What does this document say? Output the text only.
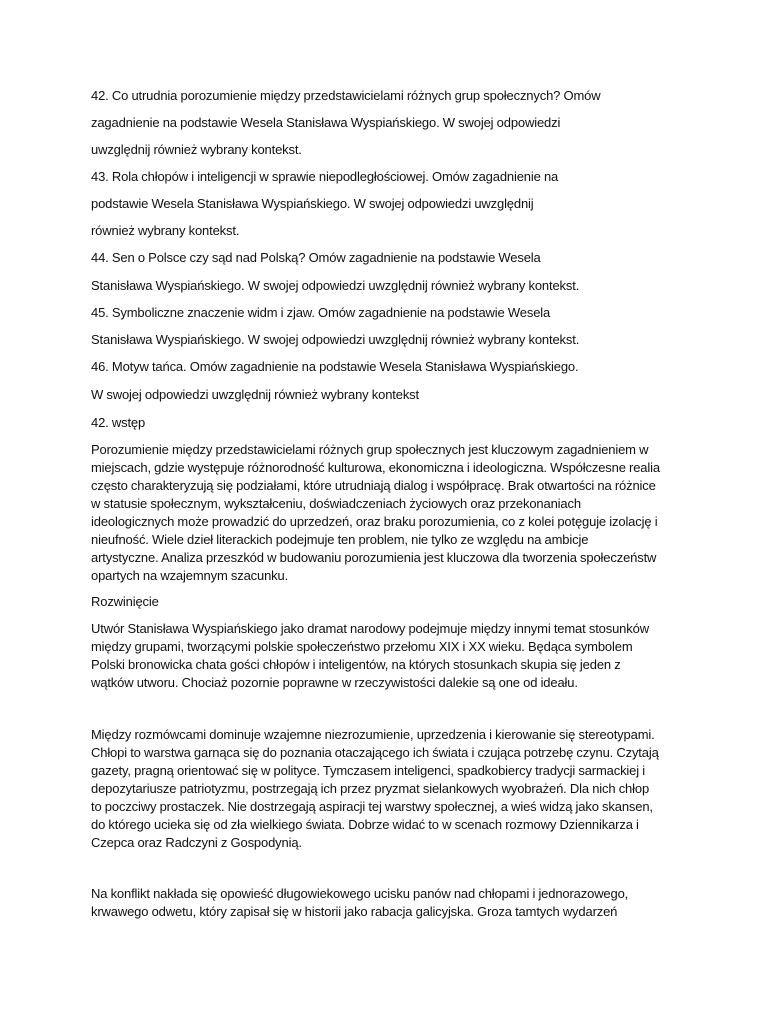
42. Co utrudnia porozumienie między przedstawicielami różnych grup społecznych? Omów
zagadnienie na podstawie Wesela Stanisława Wyspiańskiego. W swojej odpowiedzi
uwzględnij również wybrany kontekst.
43. Rola chłopów i inteligencji w sprawie niepodległościowej. Omów zagadnienie na
podstawie Wesela Stanisława Wyspiańskiego. W swojej odpowiedzi uwzględnij
również wybrany kontekst.
44. Sen o Polsce czy sąd nad Polską? Omów zagadnienie na podstawie Wesela
Stanisława Wyspiańskiego. W swojej odpowiedzi uwzględnij również wybrany kontekst.
45. Symboliczne znaczenie widm i zjaw. Omów zagadnienie na podstawie Wesela
Stanisława Wyspiańskiego. W swojej odpowiedzi uwzględnij również wybrany kontekst.
46. Motyw tańca. Omów zagadnienie na podstawie Wesela Stanisława Wyspiańskiego.
W swojej odpowiedzi uwzględnij również wybrany kontekst
42. wstęp
Porozumienie między przedstawicielami różnych grup społecznych jest kluczowym zagadnieniem w
miejscach, gdzie występuje różnorodność kulturowa, ekonomiczna i ideologiczna. Współczesne realia
często charakteryzują się podziałami, które utrudniają dialog i współpracę. Brak otwartości na różnice
w statusie społecznym, wykształceniu, doświadczeniach życiowych oraz przekonaniach
ideologicznych może prowadzić do uprzedzeń, oraz braku porozumienia, co z kolei potęguje izolację i
nieufność. Wiele dzieł literackich podejmuje ten problem, nie tylko ze względu na ambicje
artystyczne. Analiza przeszkód w budowaniu porozumienia jest kluczowa dla tworzenia społeczeństw
opartych na wzajemnym szacunku.
Rozwinięcie
Utwór Stanisława Wyspiańskiego jako dramat narodowy podejmuje między innymi temat stosunków
między grupami, tworzącymi polskie społeczeństwo przełomu XIX i XX wieku. Będąca symbolem
Polski bronowicka chata gości chłopów i inteligentów, na których stosunkach skupia się jeden z
wątków utworu. Chociaż pozornie poprawne w rzeczywistości dalekie są one od ideału.
Między rozmówcami dominuje wzajemne niezrozumienie, uprzedzenia i kierowanie się stereotypami.
Chłopi to warstwa garnąca się do poznania otaczającego ich świata i czująca potrzebę czynu. Czytają
gazety, pragną orientować się w polityce. Tymczasem inteligenci, spadkobiercy tradycji sarmackiej i
depozytariusze patriotyzmu, postrzegają ich przez pryzmat sielankowych wyobrażeń. Dla nich chłop
to poczciwy prostaczek. Nie dostrzegają aspiracji tej warstwy społecznej, a wieś widzą jako skansen,
do którego ucieka się od zła wielkiego świata. Dobrze widać to w scenach rozmowy Dziennikarza i
Czepca oraz Radczyni z Gospodynią.
Na konflikt nakłada się opowieść długowiekowego ucisku panów nad chłopami i jednorazowego,
krwawego odwetu, który zapisał się w historii jako rabacja galicyjska. Groza tamtych wydarzeń
